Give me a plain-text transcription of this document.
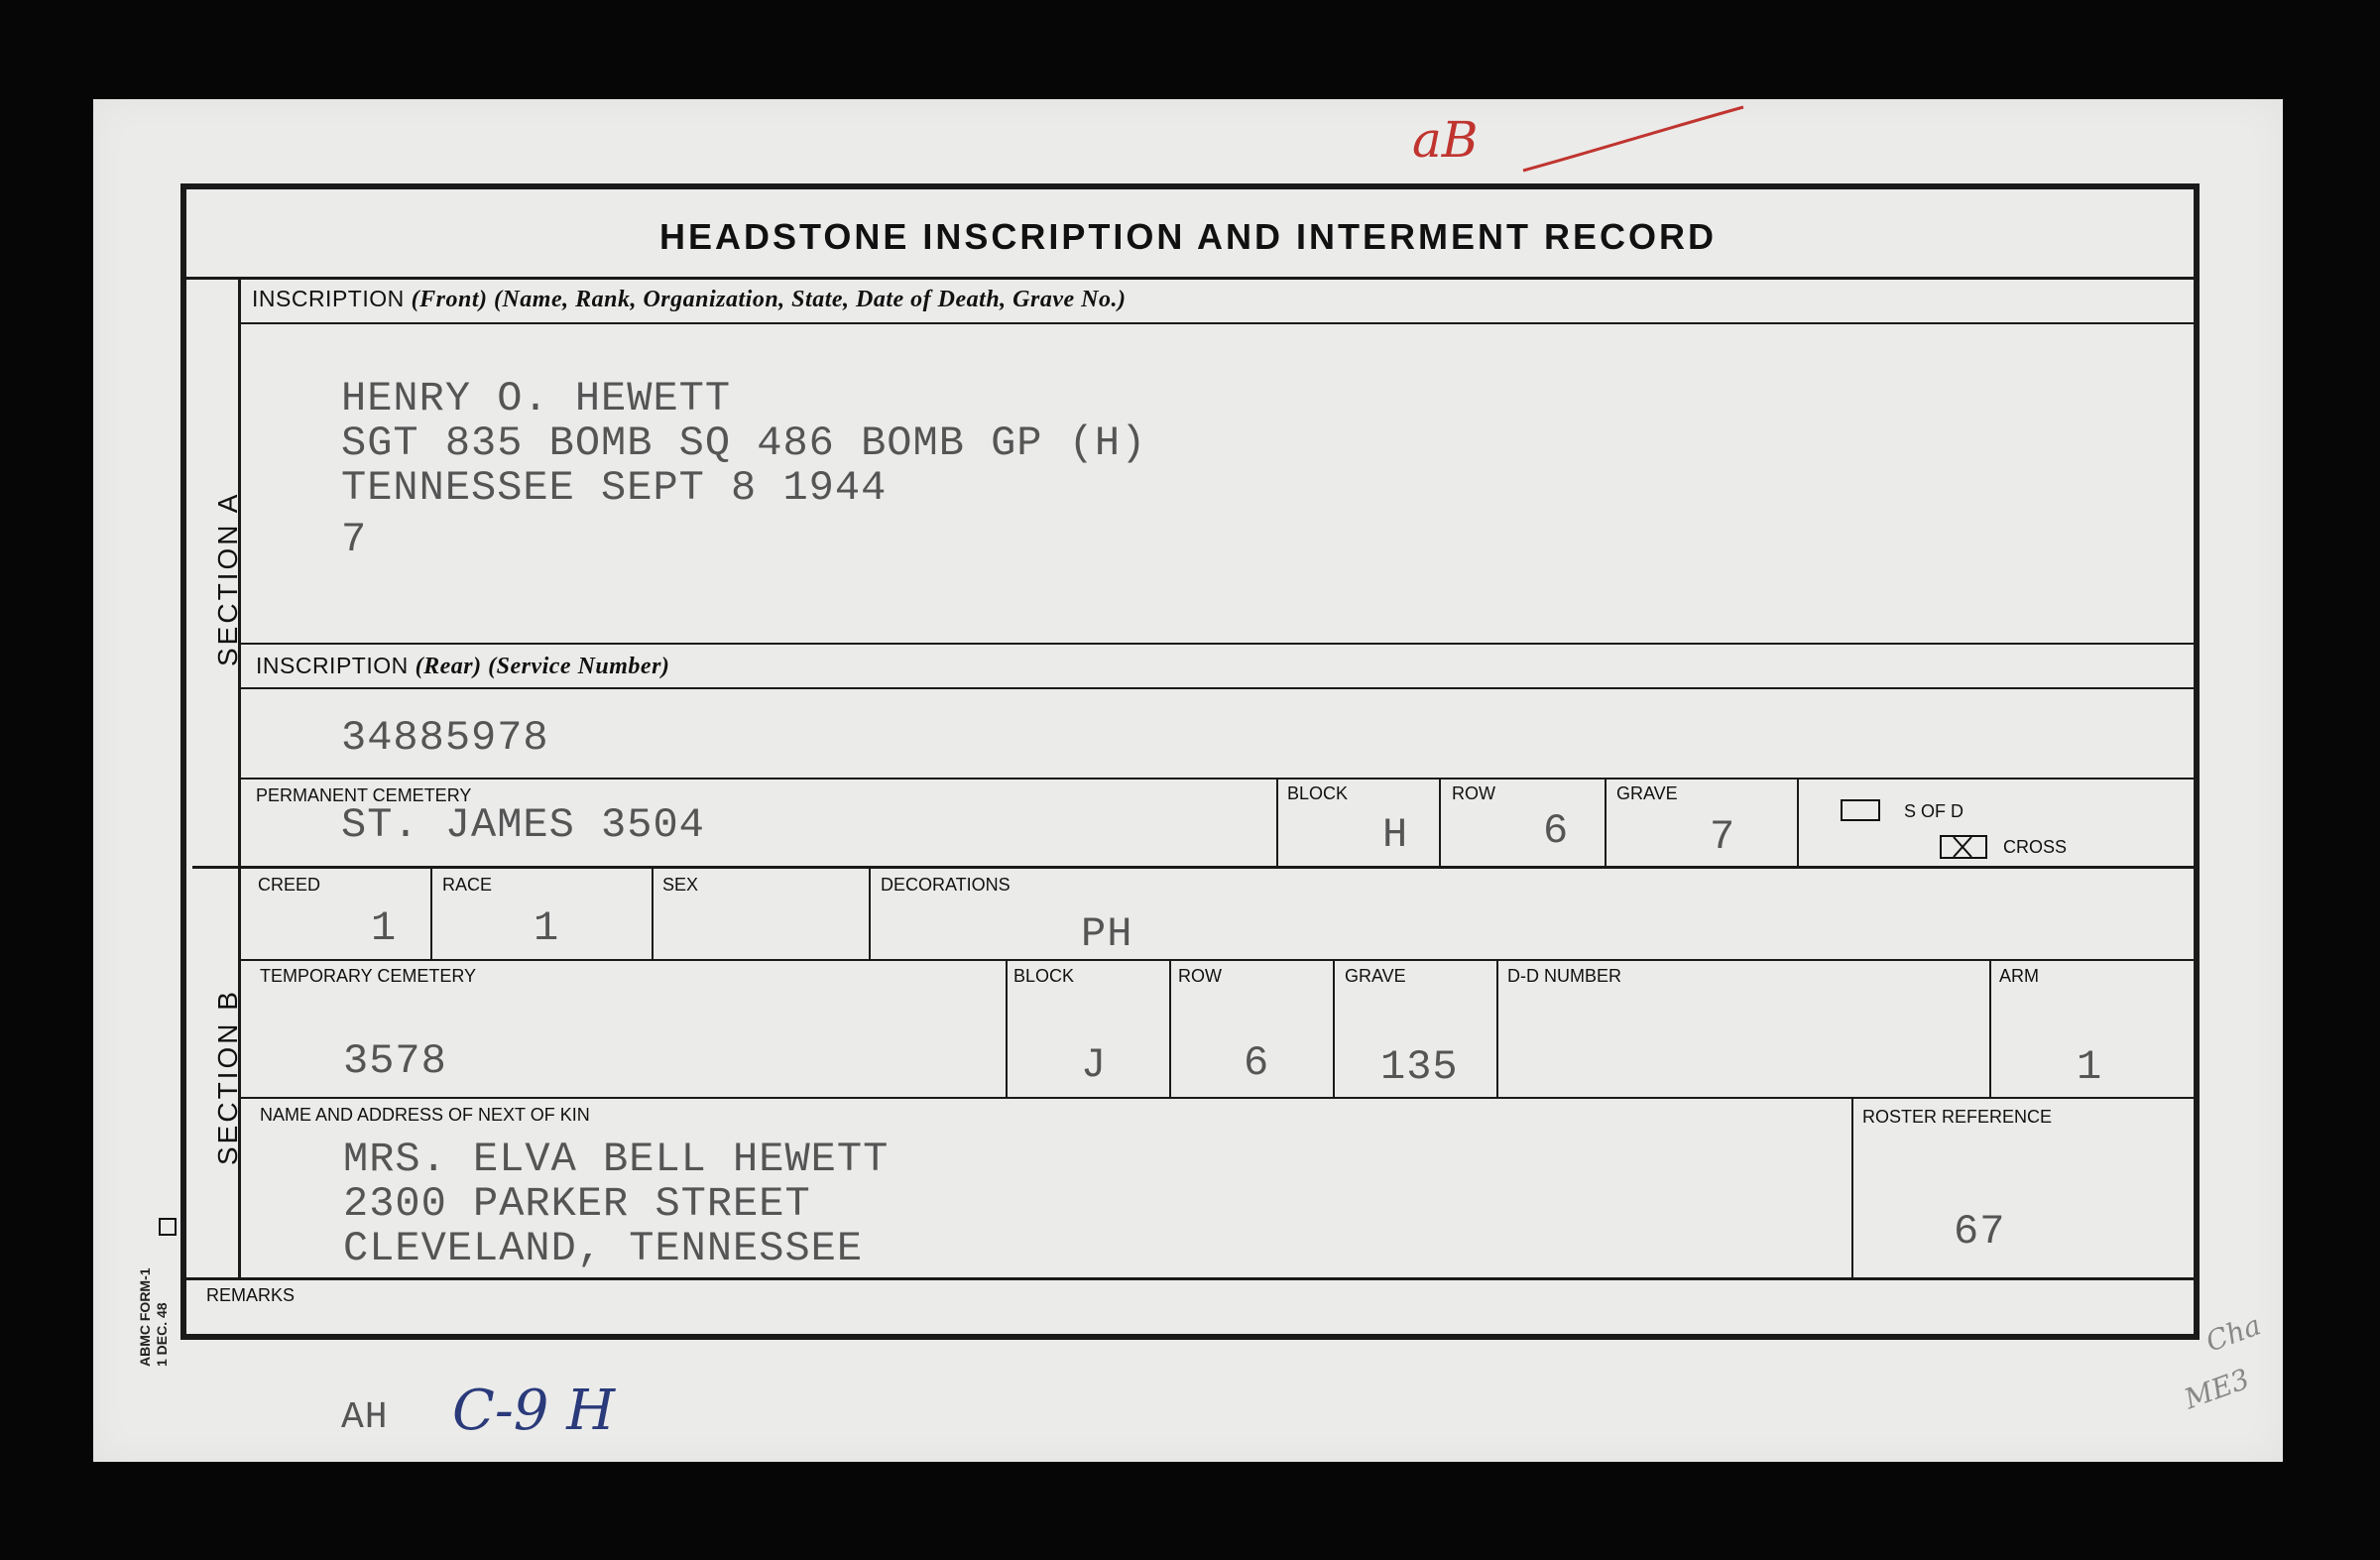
HEADSTONE INSCRIPTION AND INTERMENT RECORD
SECTION A
SECTION B
ABMC FORM-1 1 DEC. 48
INSCRIPTION (Front) (Name, Rank, Organization, State, Date of Death, Grave No.)
HENRY O. HEWETT
SGT 835 BOMB SQ 486 BOMB GP (H)
TENNESSEE SEPT 8 1944
7
INSCRIPTION (Rear) (Service Number)
34885978
PERMANENT CEMETERY
ST. JAMES 3504
BLOCK
H
ROW
6
GRAVE
7
S OF D
CROSS
CREED
1
RACE
1
SEX	DECORATIONS
PH
TEMPORARY CEMETERY
3578
BLOCK
J
ROW
6
GRAVE
135
D-D NUMBER	ARM
1
NAME AND ADDRESS OF NEXT OF KIN
MRS. ELVA BELL HEWETT
2300 PARKER STREET
CLEVELAND, TENNESSEE
ROSTER REFERENCE
67
REMARKS
aB
AH C-9 H
Cha
ME3
